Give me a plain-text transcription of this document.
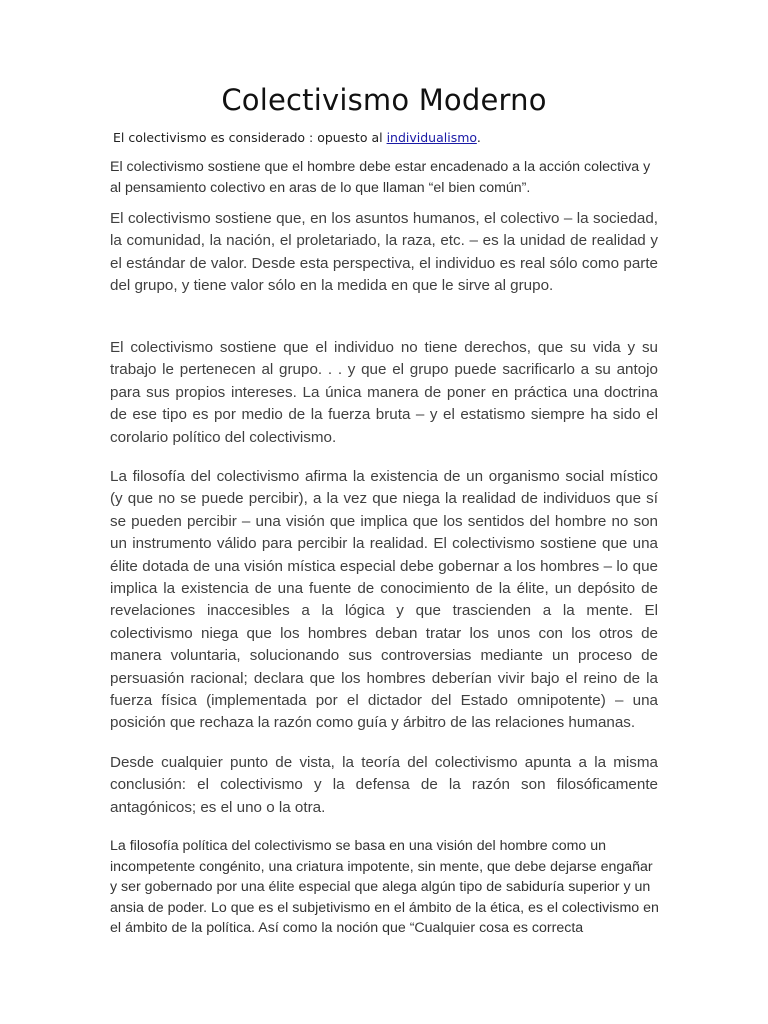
Colectivismo Moderno

El colectivismo es considerado : opuesto al individualismo.

El colectivismo sostiene que el hombre debe estar encadenado a la acción colectiva y al pensamiento colectivo en aras de lo que llaman “el bien común”.

El colectivismo sostiene que, en los asuntos humanos, el colectivo – la sociedad, la comunidad, la nación, el proletariado, la raza, etc. – es la unidad de realidad y el estándar de valor. Desde esta perspectiva, el individuo es real sólo como parte del grupo, y tiene valor sólo en la medida en que le sirve al grupo.

El colectivismo sostiene que el individuo no tiene derechos, que su vida y su trabajo le pertenecen al grupo. . . y que el grupo puede sacrificarlo a su antojo para sus propios intereses. La única manera de poner en práctica una doctrina de ese tipo es por medio de la fuerza bruta – y el estatismo siempre ha sido el corolario político del colectivismo.

La filosofía del colectivismo afirma la existencia de un organismo social místico (y que no se puede percibir), a la vez que niega la realidad de individuos que sí se pueden percibir – una visión que implica que los sentidos del hombre no son un instrumento válido para percibir la realidad. El colectivismo sostiene que una élite dotada de una visión mística especial debe gobernar a los hombres – lo que implica la existencia de una fuente de conocimiento de la élite, un depósito de revelaciones inaccesibles a la lógica y que trascienden a la mente. El colectivismo niega que los hombres deban tratar los unos con los otros de manera voluntaria, solucionando sus controversias mediante un proceso de persuasión racional; declara que los hombres deberían vivir bajo el reino de la fuerza física (implementada por el dictador del Estado omnipotente) – una posición que rechaza la razón como guía y árbitro de las relaciones humanas.

Desde cualquier punto de vista, la teoría del colectivismo apunta a la misma conclusión: el colectivismo y la defensa de la razón son filosóficamente antagónicos; es el uno o la otra.

La filosofía política del colectivismo se basa en una visión del hombre como un incompetente congénito, una criatura impotente, sin mente, que debe dejarse engañar y ser gobernado por una élite especial que alega algún tipo de sabiduría superior y un ansia de poder. Lo que es el subjetivismo en el ámbito de la ética, es el colectivismo en el ámbito de la política. Así como la noción que “Cualquier cosa es correcta
